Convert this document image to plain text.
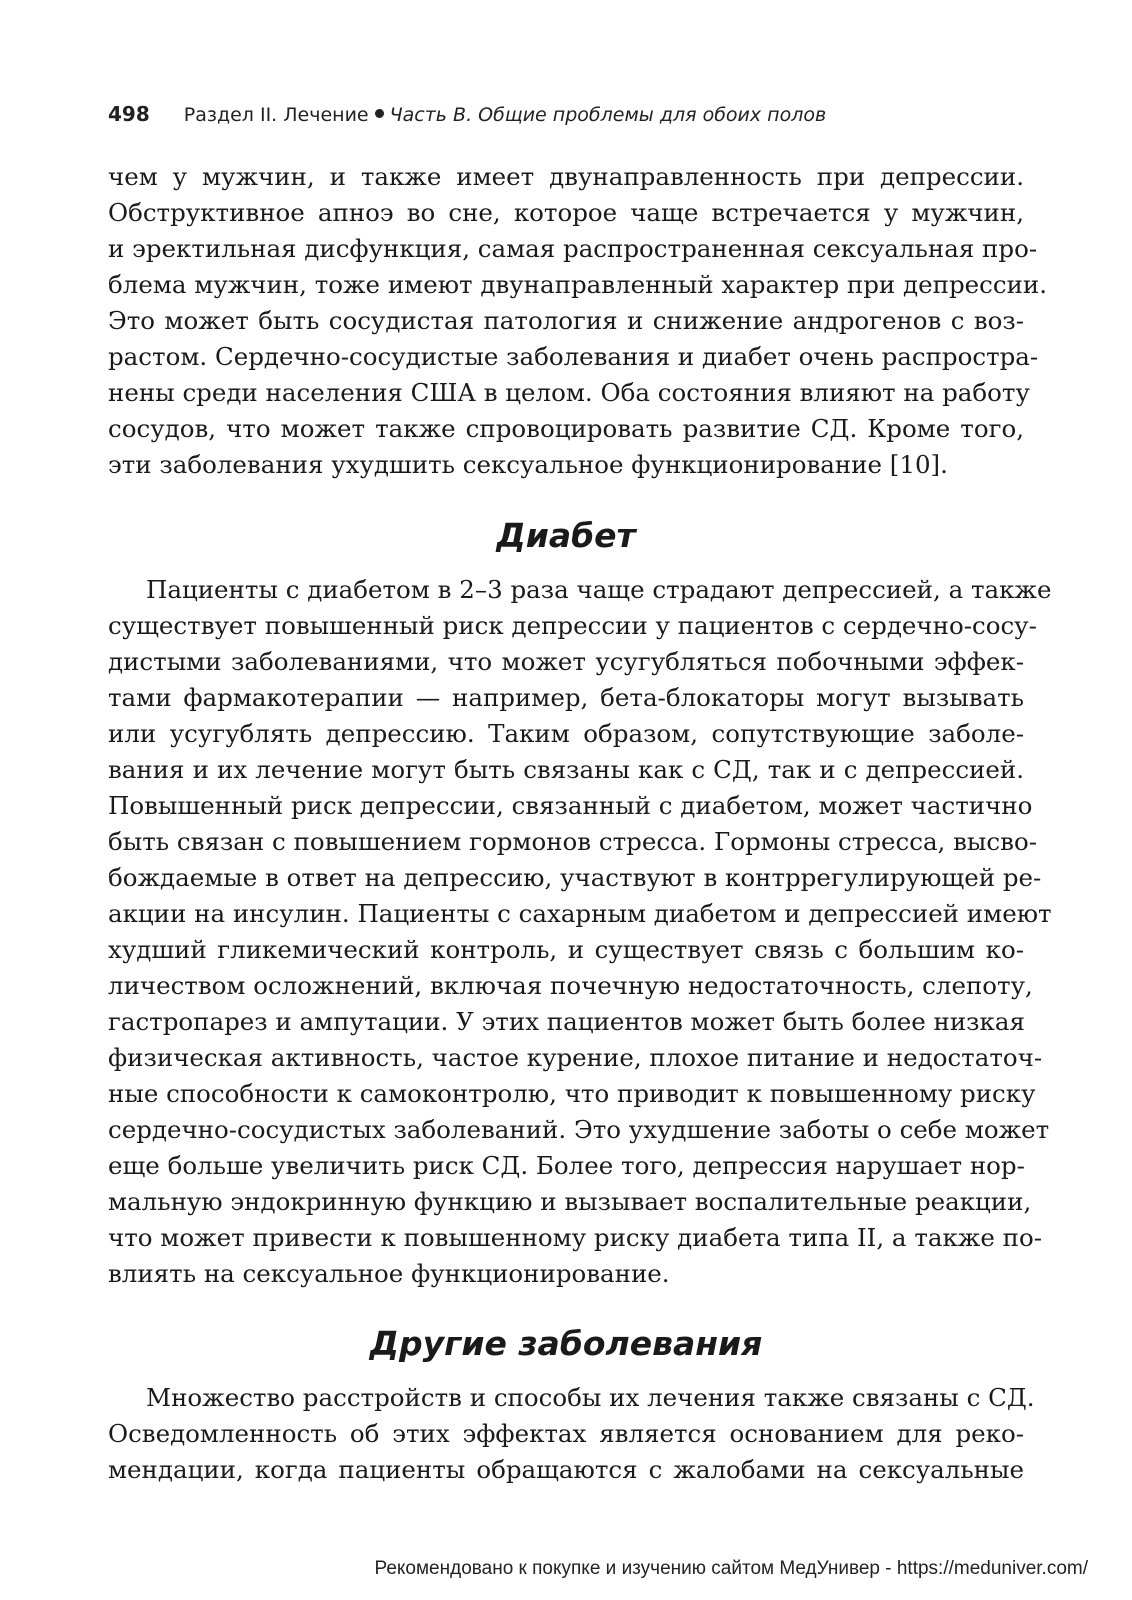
498 Раздел II. Лечение Часть В. Общие проблемы для обоих полов
чем у мужчин, и также имеет двунаправленность при депрессии.
Обструктивное апноэ во сне, которое чаще встречается у мужчин,
и эректильная дисфункция, самая распространенная сексуальная про-
блема мужчин, тоже имеют двунаправленный характер при депрессии.
Это может быть сосудистая патология и снижение андрогенов с воз-
растом. Сердечно-сосудистые заболевания и диабет очень распростра-
нены среди населения США в целом. Оба состояния влияют на работу
сосудов, что может также спровоцировать развитие СД. Кроме того,
эти заболевания ухудшить сексуальное функционирование [10].
Диабет
Пациенты с диабетом в 2–3 раза чаще страдают депрессией, а также
существует повышенный риск депрессии у пациентов с сердечно-сосу-
дистыми заболеваниями, что может усугубляться побочными эффек-
тами фармакотерапии — например, бета-блокаторы могут вызывать
или усугублять депрессию. Таким образом, сопутствующие заболе-
вания и их лечение могут быть связаны как с СД, так и с депрессией.
Повышенный риск депрессии, связанный с диабетом, может частично
быть связан с повышением гормонов стресса. Гормоны стресса, высво-
бождаемые в ответ на депрессию, участвуют в контррегулирующей ре-
акции на инсулин. Пациенты с сахарным диабетом и депрессией имеют
худший гликемический контроль, и существует связь с большим ко-
личеством осложнений, включая почечную недостаточность, слепоту,
гастропарез и ампутации. У этих пациентов может быть более низкая
физическая активность, частое курение, плохое питание и недостаточ-
ные способности к самоконтролю, что приводит к повышенному риску
сердечно-сосудистых заболеваний. Это ухудшение заботы о себе может
еще больше увеличить риск СД. Более того, депрессия нарушает нор-
мальную эндокринную функцию и вызывает воспалительные реакции,
что может привести к повышенному риску диабета типа II, а также по-
влиять на сексуальное функционирование.
Другие заболевания
Множество расстройств и способы их лечения также связаны с СД.
Осведомленность об этих эффектах является основанием для реко-
мендации, когда пациенты обращаются с жалобами на сексуальные
Рекомендовано к покупке и изучению сайтом МедУнивер - https://meduniver.com/
